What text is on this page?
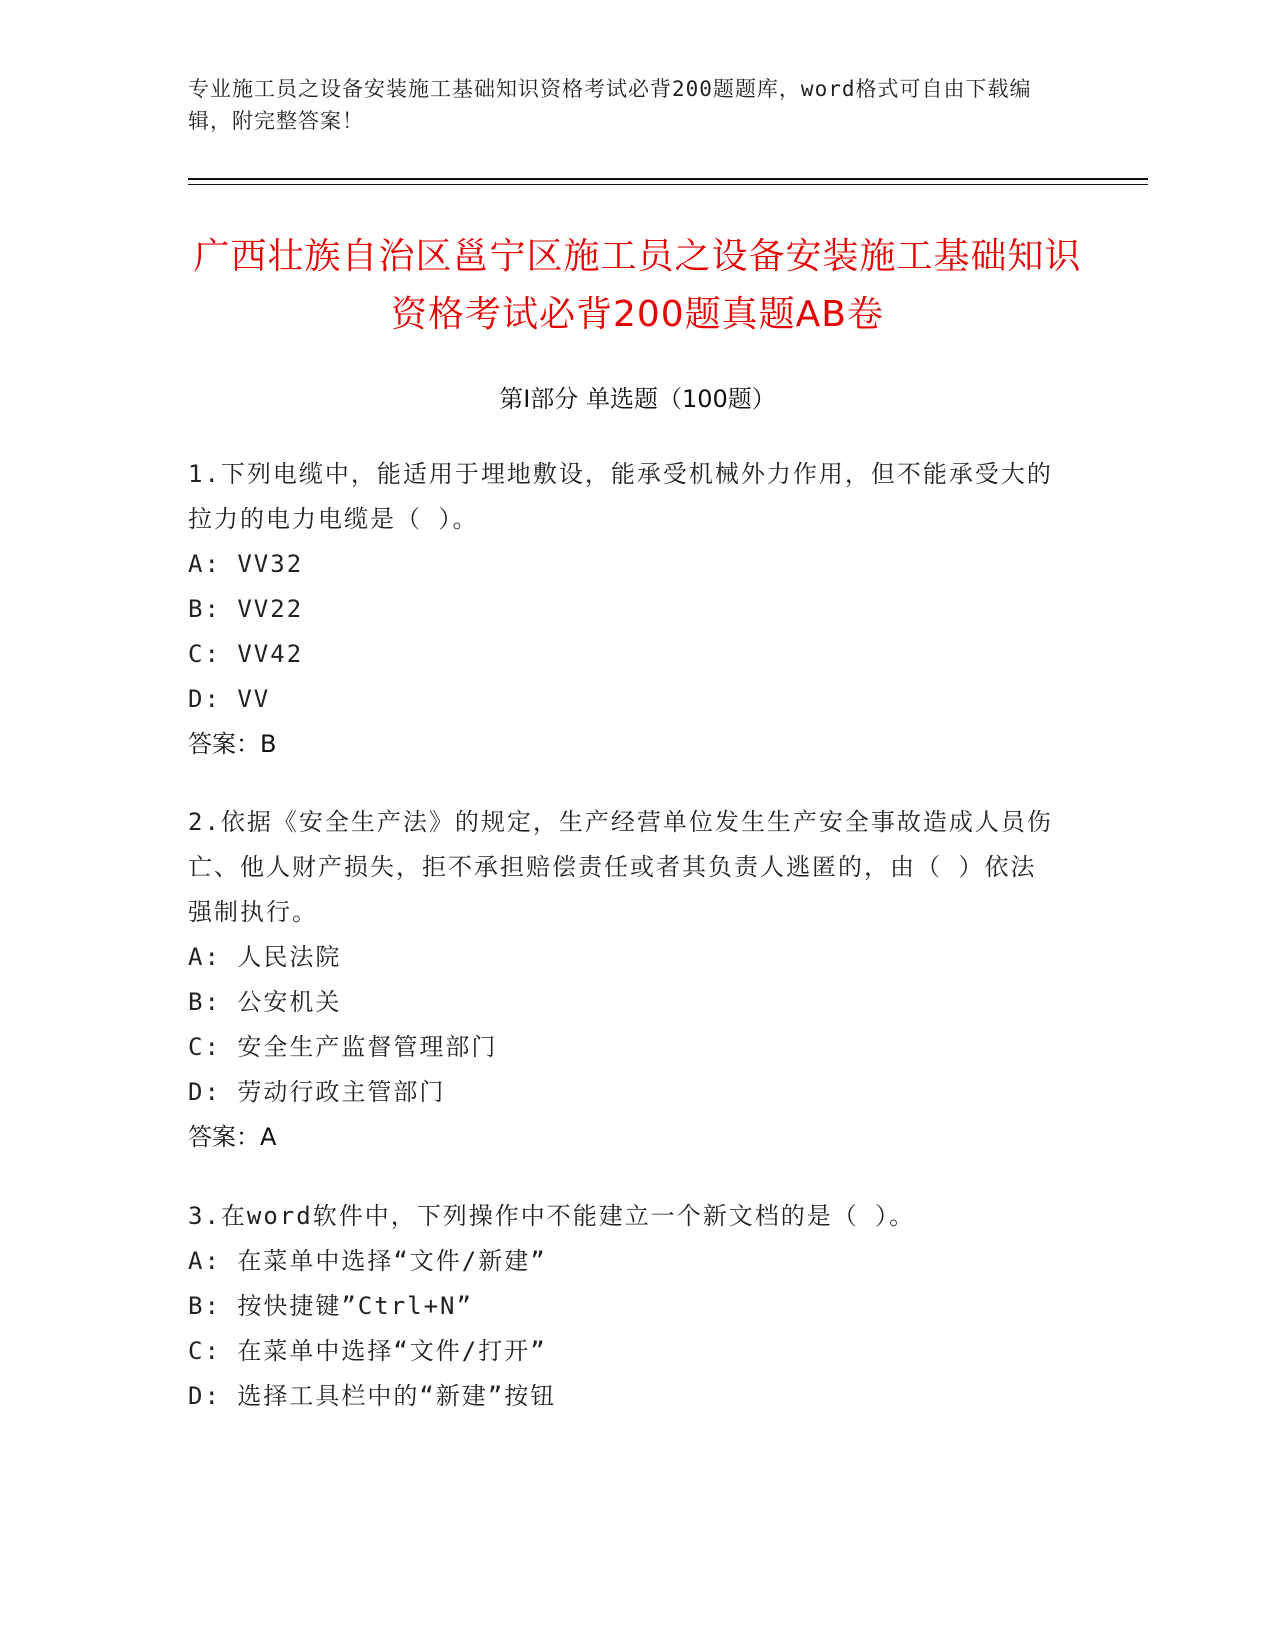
专业施工员之设备安装施工基础知识资格考试必背200题题库，word格式可自由下载编辑，附完整答案！
广西壮族自治区邕宁区施工员之设备安装施工基础知识资格考试必背200题真题AB卷
第Ⅰ部分 单选题（100题）
1.下列电缆中，能适用于埋地敷设，能承受机械外力作用，但不能承受大的拉力的电力电缆是（ ）。
A: VV32
B: VV22
C: VV42
D: VV
答案：B
2.依据《安全生产法》的规定，生产经营单位发生生产安全事故造成人员伤亡、他人财产损失，拒不承担赔偿责任或者其负责人逃匿的，由（ ）依法强制执行。
A: 人民法院
B: 公安机关
C: 安全生产监督管理部门
D: 劳动行政主管部门
答案：A
3.在word软件中，下列操作中不能建立一个新文档的是（ ）。
A: 在菜单中选择“文件/新建”
B: 按快捷键”Ctrl+N”
C: 在菜单中选择“文件/打开”
D: 选择工具栏中的“新建”按钮
